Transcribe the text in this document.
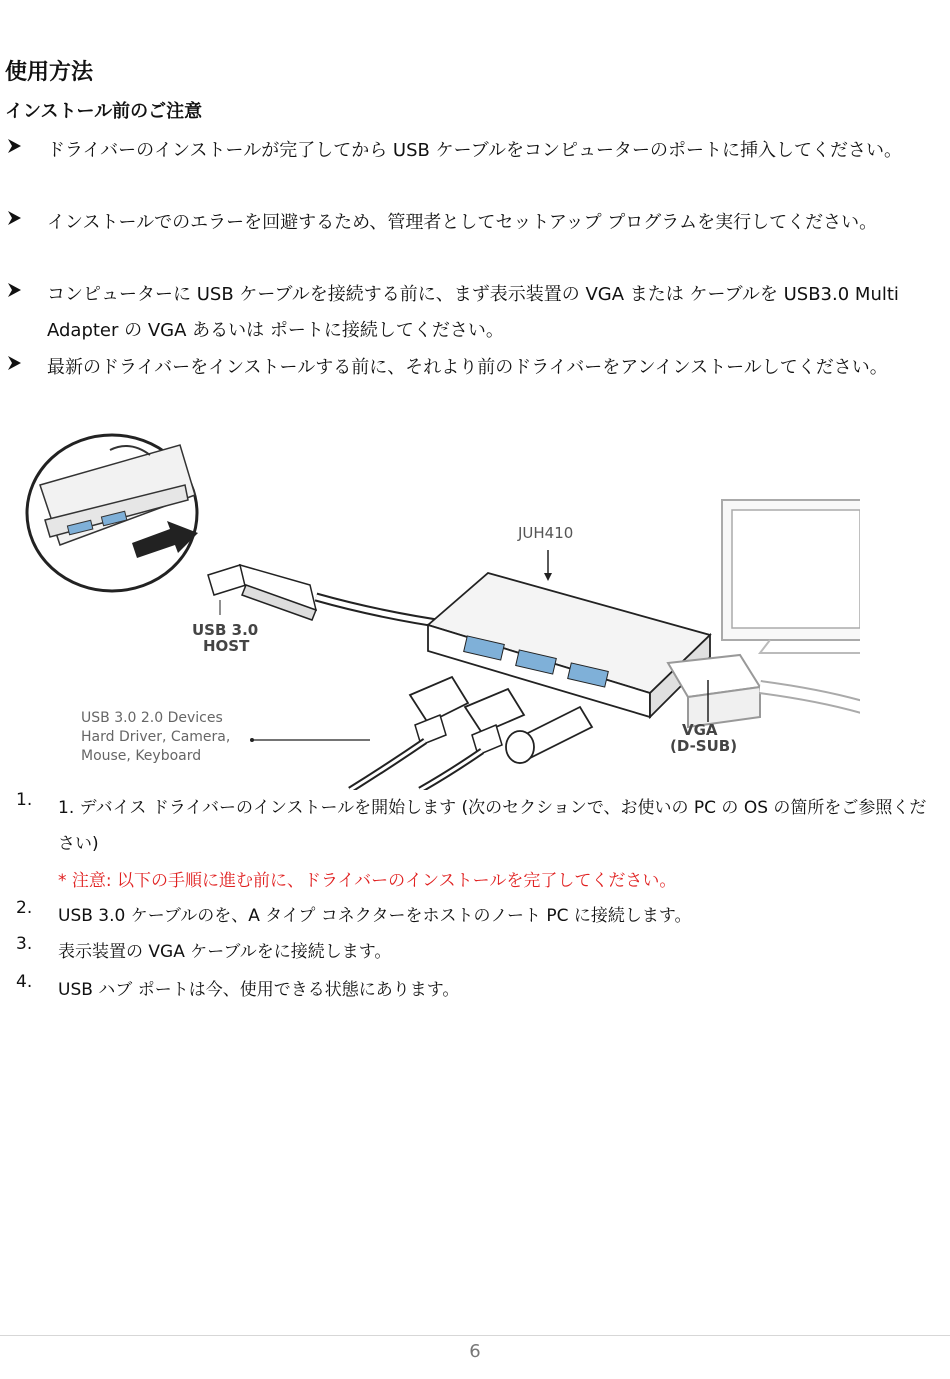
使用方法
インストール前のご注意
ドライバーのインストールが完了してから USB ケーブルをコンピューターのポートに挿入してください。
インストールでのエラーを回避するため、管理者としてセットアップ プログラムを実行してください。
コンピューターに USB ケーブルを接続する前に、まず表示装置の VGA または ケーブルを USB3.0 Multi Adapter の VGA あるいは ポートに接続してください。
最新のドライバーをインストールする前に、それより前のドライバーをアンインストールしてください。
JUH410
USB 3.0
HOST
USB 3.0 2.0 Devices
Hard Driver, Camera,
Mouse, Keyboard
VGA
(D-SUB)
1.	1. デバイス ドライバーのインストールを開始します (次のセクションで、お使いの PC の OS の箇所をご参照ください)
* 注意: 以下の手順に進む前に、ドライバーのインストールを完了してください。
2.	USB 3.0 ケーブルのを、A タイプ コネクターをホストのノート PC に接続します。
3.	表示装置の VGA ケーブルをに接続します。
4.	USB ハブ ポートは今、使用できる状態にあります。
6
